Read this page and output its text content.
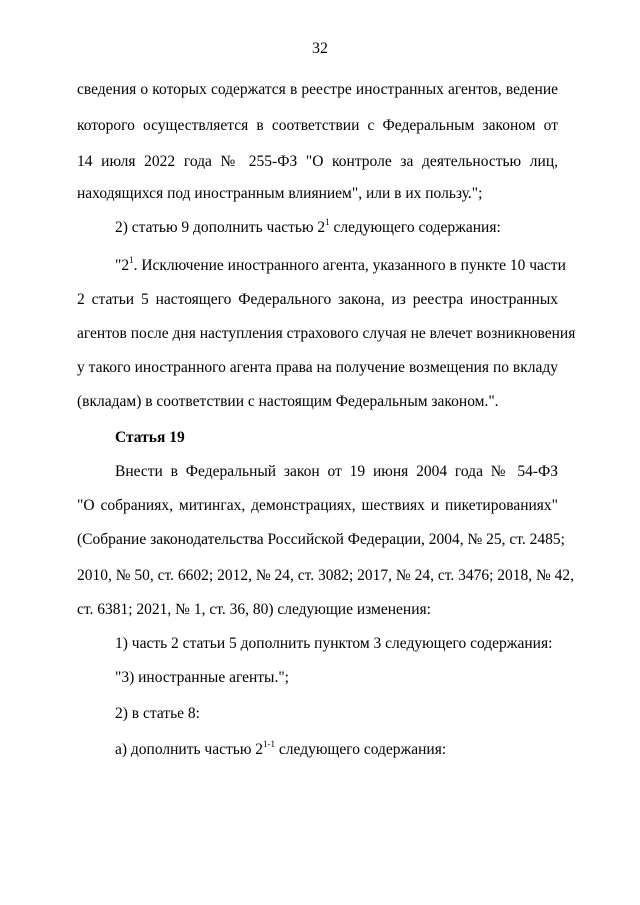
32
сведения о которых содержатся в реестре иностранных агентов, ведение
которого осуществляется в соответствии с Федеральным законом от
14 июля 2022 года № 255-ФЗ "О контроле за деятельностью лиц,
находящихся под иностранным влиянием", или в их пользу.";
2) статью 9 дополнить частью $2^1$ следующего содержания:
"$2^1$. Исключение иностранного агента, указанного в пункте 10 части
2 статьи 5 настоящего Федерального закона, из реестра иностранных
агентов после дня наступления страхового случая не влечет возникновения
у такого иностранного агента права на получение возмещения по вкладу
(вкладам) в соответствии с настоящим Федеральным законом.".
Статья 19
Внести в Федеральный закон от 19 июня 2004 года № 54-ФЗ
"О собраниях, митингах, демонстрациях, шествиях и пикетированиях"
(Собрание законодательства Российской Федерации, 2004, № 25, ст. 2485;
2010, № 50, ст. 6602; 2012, № 24, ст. 3082; 2017, № 24, ст. 3476; 2018, № 42,
ст. 6381; 2021, № 1, ст. 36, 80) следующие изменения:
1) часть 2 статьи 5 дополнить пунктом 3 следующего содержания:
"3) иностранные агенты.";
2) в статье 8:
а) дополнить частью 2$^{1-1}$ следующего содержания:
